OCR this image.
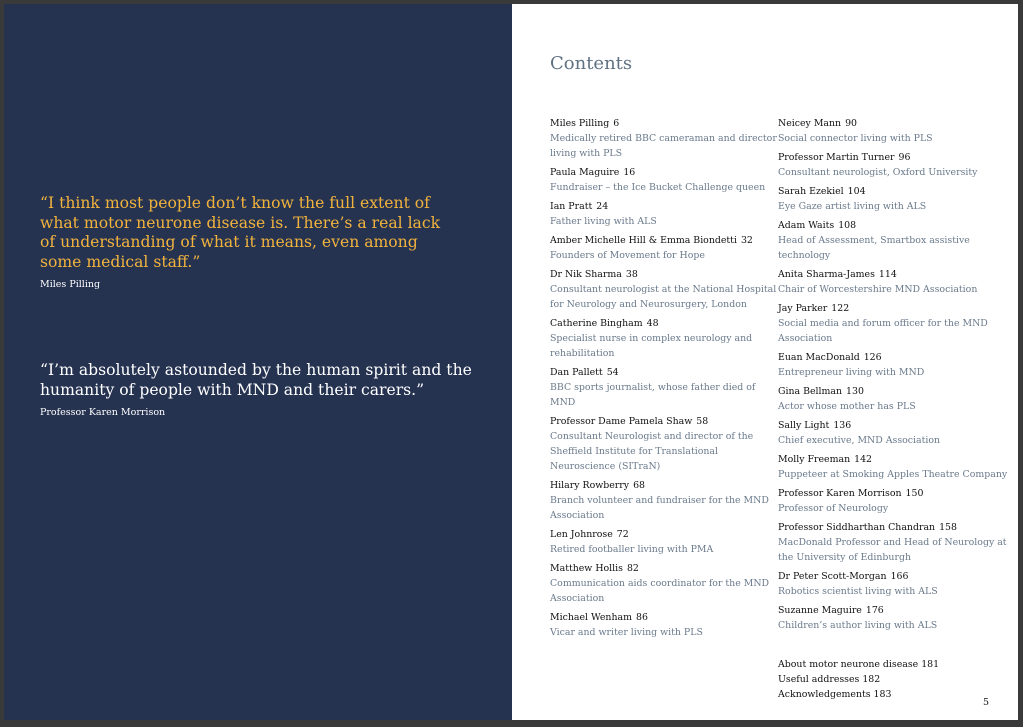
“I think most people don’t know the full extent of what motor neurone disease is. There’s a real lack of understanding of what it means, even among some medical staff.”
Miles Pilling
“I’m absolutely astounded by the human spirit and the humanity of people with MND and their carers.”
Professor Karen Morrison
Contents
Miles Pilling 6
Medically retired BBC cameraman and director living with PLS
Paula Maguire 16
Fundraiser – the Ice Bucket Challenge queen
Ian Pratt 24
Father living with ALS
Amber Michelle Hill & Emma Biondetti 32
Founders of Movement for Hope
Dr Nik Sharma 38
Consultant neurologist at the National Hospital for Neurology and Neurosurgery, London
Catherine Bingham 48
Specialist nurse in complex neurology and rehabilitation
Dan Pallett 54
BBC sports journalist, whose father died of MND
Professor Dame Pamela Shaw 58
Consultant Neurologist and director of the Sheffield Institute for Translational Neuroscience (SITraN)
Hilary Rowberry 68
Branch volunteer and fundraiser for the MND Association
Len Johnrose 72
Retired footballer living with PMA
Matthew Hollis 82
Communication aids coordinator for the MND Association
Michael Wenham 86
Vicar and writer living with PLS
Neicey Mann 90
Social connector living with PLS
Professor Martin Turner 96
Consultant neurologist, Oxford University
Sarah Ezekiel 104
Eye Gaze artist living with ALS
Adam Waits 108
Head of Assessment, Smartbox assistive technology
Anita Sharma-James 114
Chair of Worcestershire MND Association
Jay Parker 122
Social media and forum officer for the MND Association
Euan MacDonald 126
Entrepreneur living with MND
Gina Bellman 130
Actor whose mother has PLS
Sally Light 136
Chief executive, MND Association
Molly Freeman 142
Puppeteer at Smoking Apples Theatre Company
Professor Karen Morrison 150
Professor of Neurology
Professor Siddharthan Chandran 158
MacDonald Professor and Head of Neurology at the University of Edinburgh
Dr Peter Scott-Morgan 166
Robotics scientist living with ALS
Suzanne Maguire 176
Children’s author living with ALS
About motor neurone disease 181
Useful addresses 182
Acknowledgements 183
5
